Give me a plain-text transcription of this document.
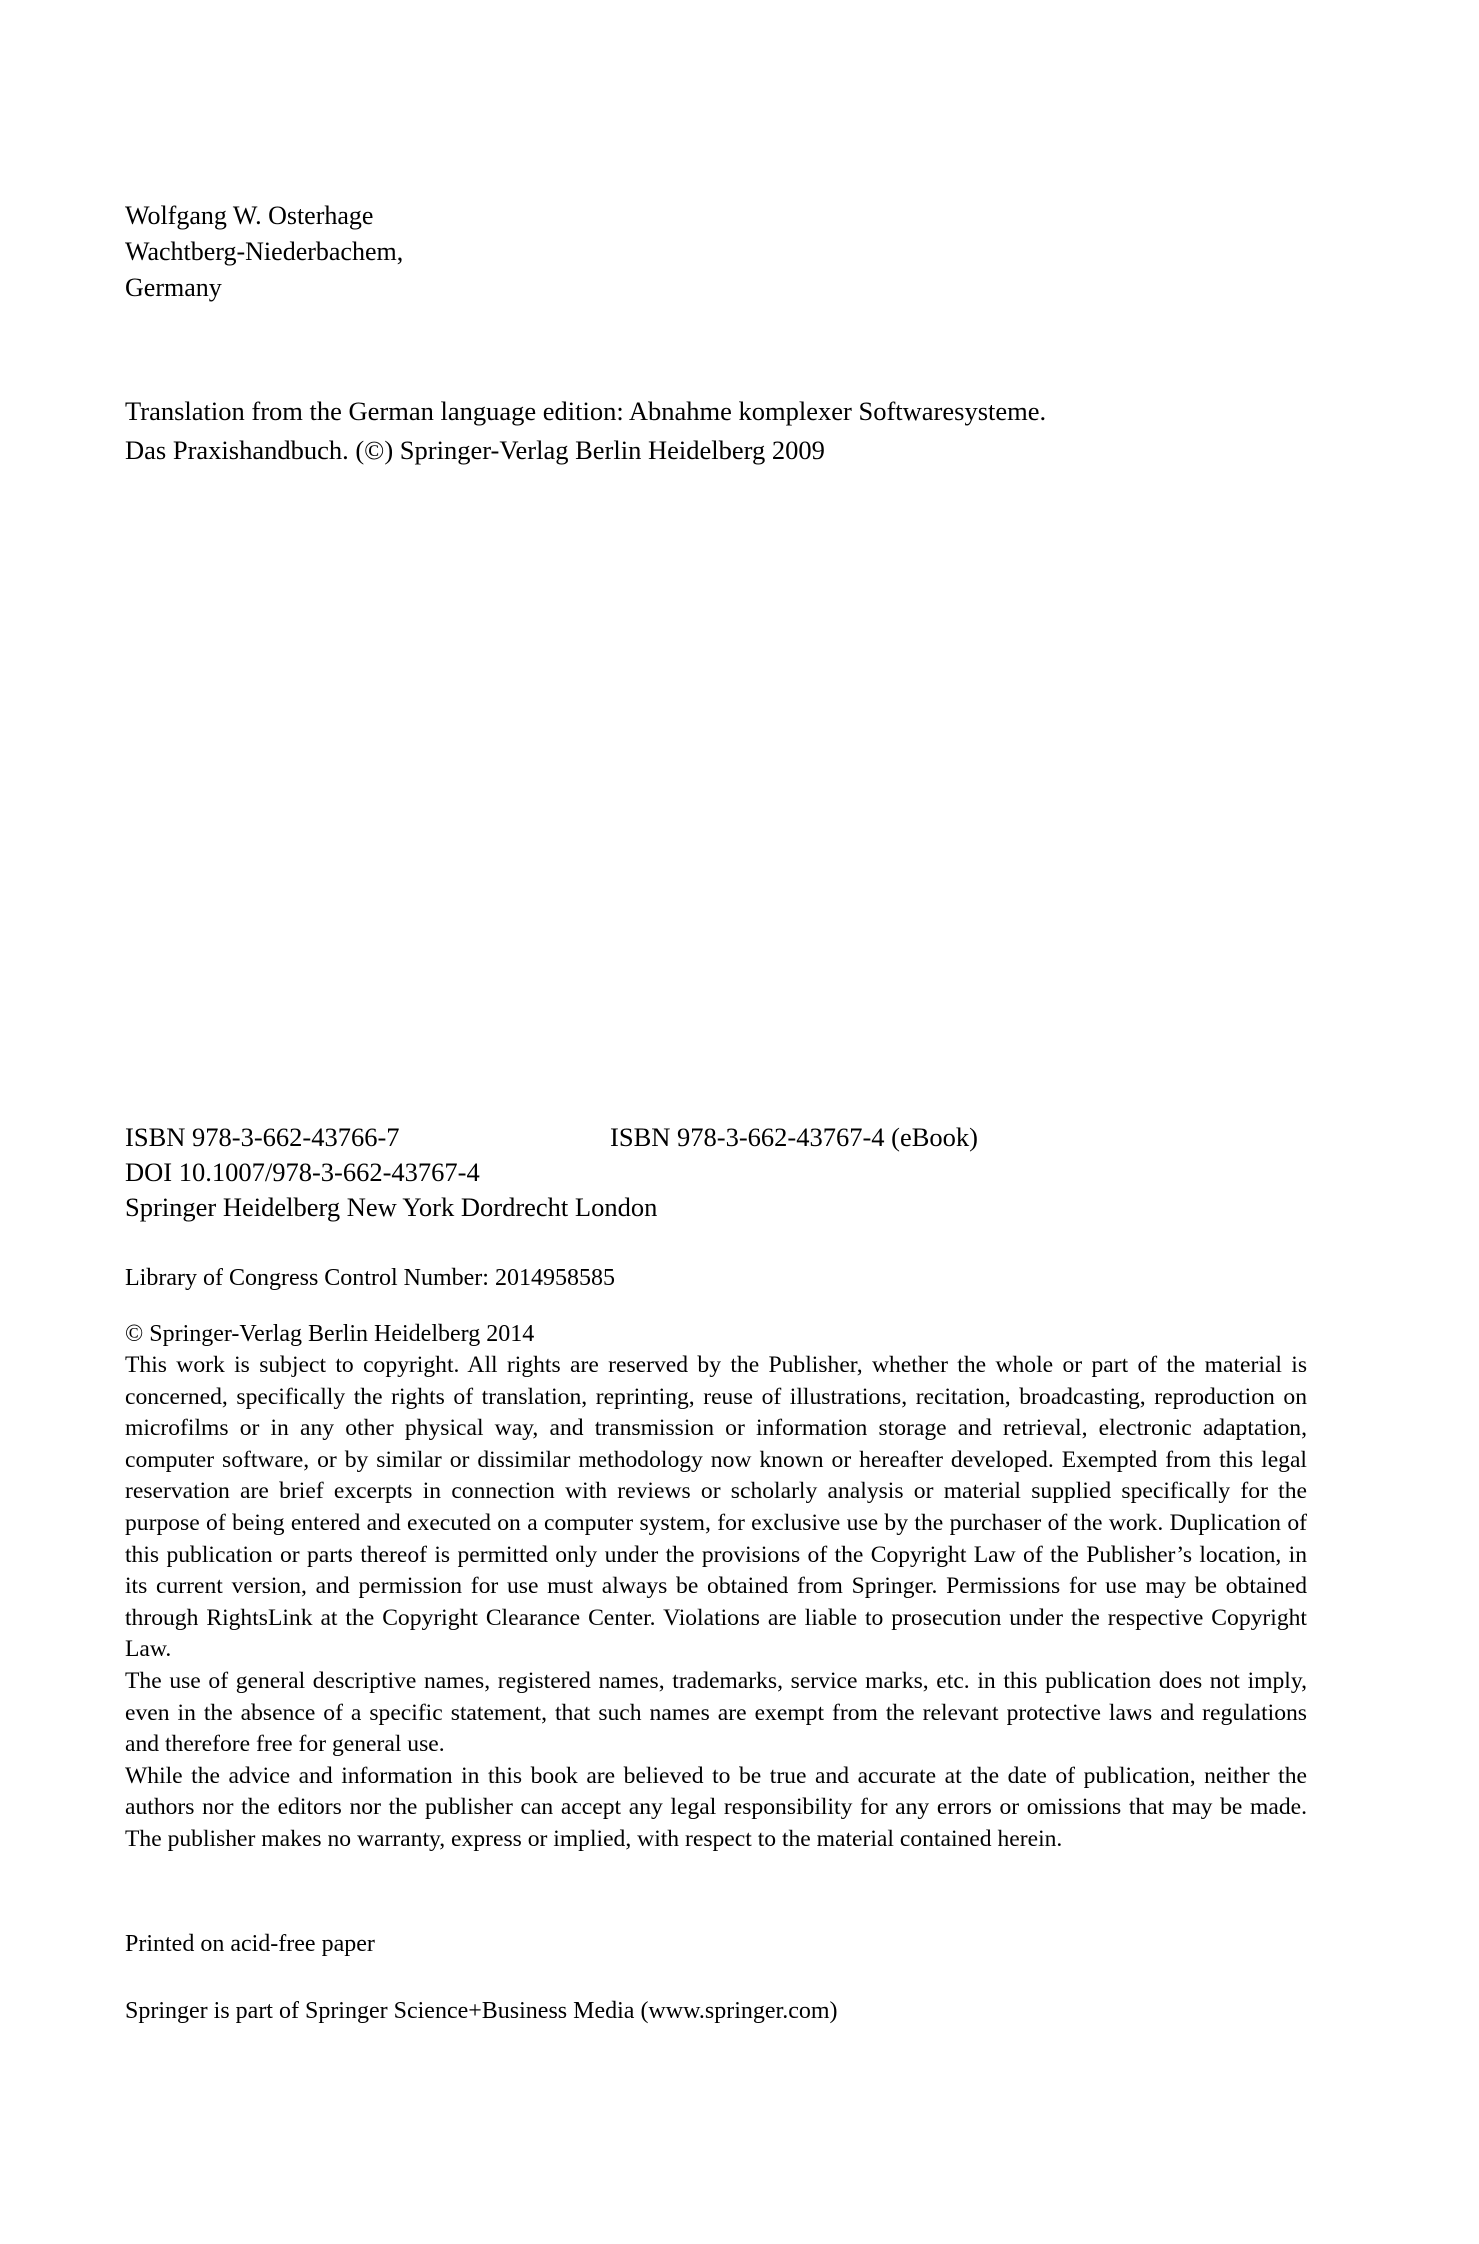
Wolfgang W. Osterhage
Wachtberg-Niederbachem,
Germany
Translation from the German language edition: Abnahme komplexer Softwaresysteme.
Das Praxishandbuch. (©) Springer-Verlag Berlin Heidelberg 2009
ISBN 978-3-662-43766-7	ISBN 978-3-662-43767-4 (eBook)
DOI 10.1007/978-3-662-43767-4
Springer Heidelberg New York Dordrecht London
Library of Congress Control Number: 2014958585
© Springer-Verlag Berlin Heidelberg 2014

This work is subject to copyright. All rights are reserved by the Publisher, whether the whole or part of the material is concerned, specifically the rights of translation, reprinting, reuse of illustrations, recitation, broadcasting, reproduction on microfilms or in any other physical way, and transmission or information storage and retrieval, electronic adaptation, computer software, or by similar or dissimilar methodology now known or hereafter developed. Exempted from this legal reservation are brief excerpts in connection with reviews or scholarly analysis or material supplied specifically for the purpose of being entered and executed on a computer system, for exclusive use by the purchaser of the work. Duplication of this publication or parts thereof is permitted only under the provisions of the Copyright Law of the Publisher’s location, in its current version, and permission for use must always be obtained from Springer. Permissions for use may be obtained through RightsLink at the Copyright Clearance Center. Violations are liable to prosecution under the respective Copyright Law.

The use of general descriptive names, registered names, trademarks, service marks, etc. in this publication does not imply, even in the absence of a specific statement, that such names are exempt from the relevant protective laws and regulations and therefore free for general use.

While the advice and information in this book are believed to be true and accurate at the date of publication, neither the authors nor the editors nor the publisher can accept any legal responsibility for any errors or omissions that may be made. The publisher makes no warranty, express or implied, with respect to the material contained herein.

Printed on acid-free paper
Springer is part of Springer Science+Business Media (www.springer.com)
